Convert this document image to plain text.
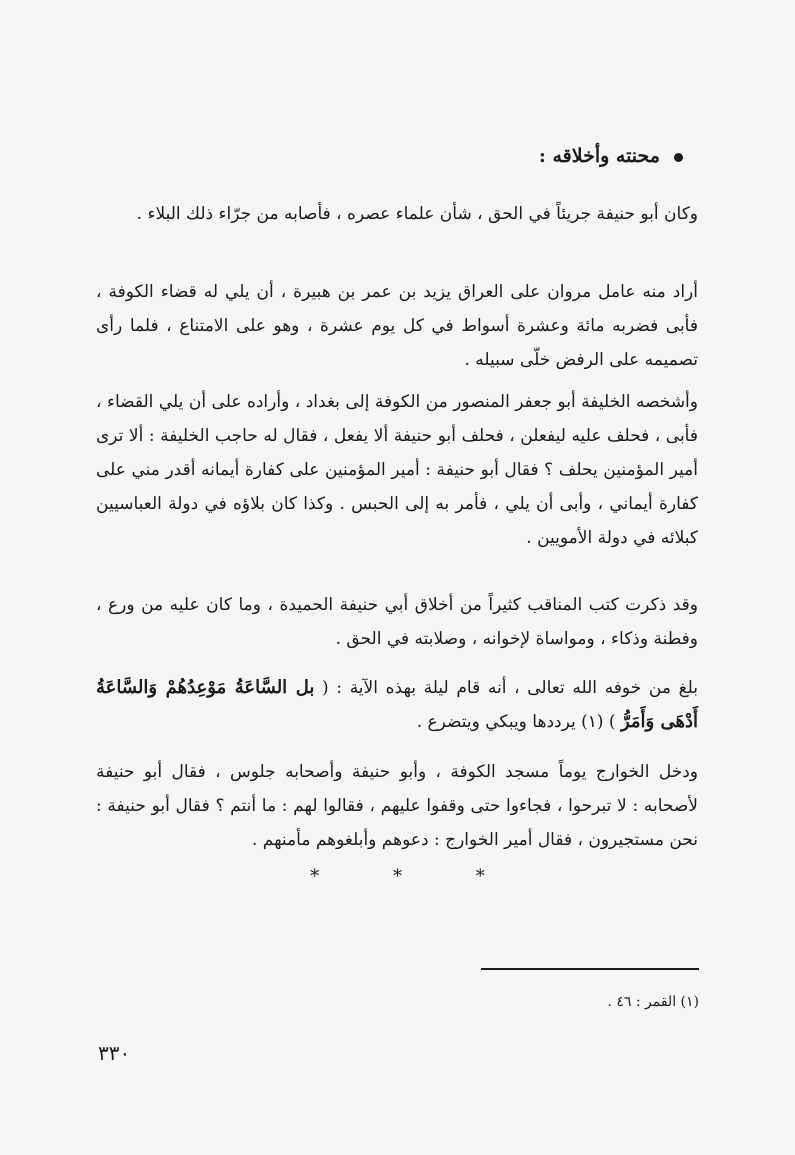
محنته وأخلاقه :

وكان أبو حنيفة جريئاً في الحق ، شأن علماء عصره ، فأصابه من جرّاء ذلك البلاء .

أراد منه عامل مروان على العراق يزيد بن عمر بن هبيرة ، أن يلي له قضاء الكوفة ، فأبى فضربه مائة وعشرة أسواط في كل يوم عشرة ، وهو على الامتناع ، فلما رأى تصميمه على الرفض خلّى سبيله .

وأشخصه الخليفة أبو جعفر المنصور من الكوفة إلى بغداد ، وأراده على أن يلي القضاء ، فأبى ، فحلف عليه ليفعلن ، فحلف أبو حنيفة ألا يفعل ، فقال له حاجب الخليفة : ألا ترى أمير المؤمنين يحلف ؟ فقال أبو حنيفة : أمير المؤمنين على كفارة أيمانه أقدر مني على كفارة أيماني ، وأبى أن يلي ، فأمر به إلى الحبس . وكذا كان بلاؤه في دولة العباسيين كبلائه في دولة الأمويين .

وقد ذكرت كتب المناقب كثيراً من أخلاق أبي حنيفة الحميدة ، وما كان عليه من ورع ، وفطنة وذكاء ، ومواساة لإخوانه ، وصلابته في الحق .

بلغ من خوفه الله تعالى ، أنه قام ليلة بهذه الآية : ( بل السَّاعَةُ مَوْعِدُهُمْ وَالسَّاعَةُ أَدْهَى وَأَمَرُّ ) (١) يرددها ويبكي ويتضرع .

ودخل الخوارج يوماً مسجد الكوفة ، وأبو حنيفة وأصحابه جلوس ، فقال أبو حنيفة لأصحابه : لا تبرحوا ، فجاءوا حتى وقفوا عليهم ، فقالوا لهم : ما أنتم ؟ فقال أبو حنيفة : نحن مستجيرون ، فقال أمير الخوارج : دعوهم وأبلغوهم مأمنهم .

* * *
(١) القمر : ٤٦ .
٣٣٠
